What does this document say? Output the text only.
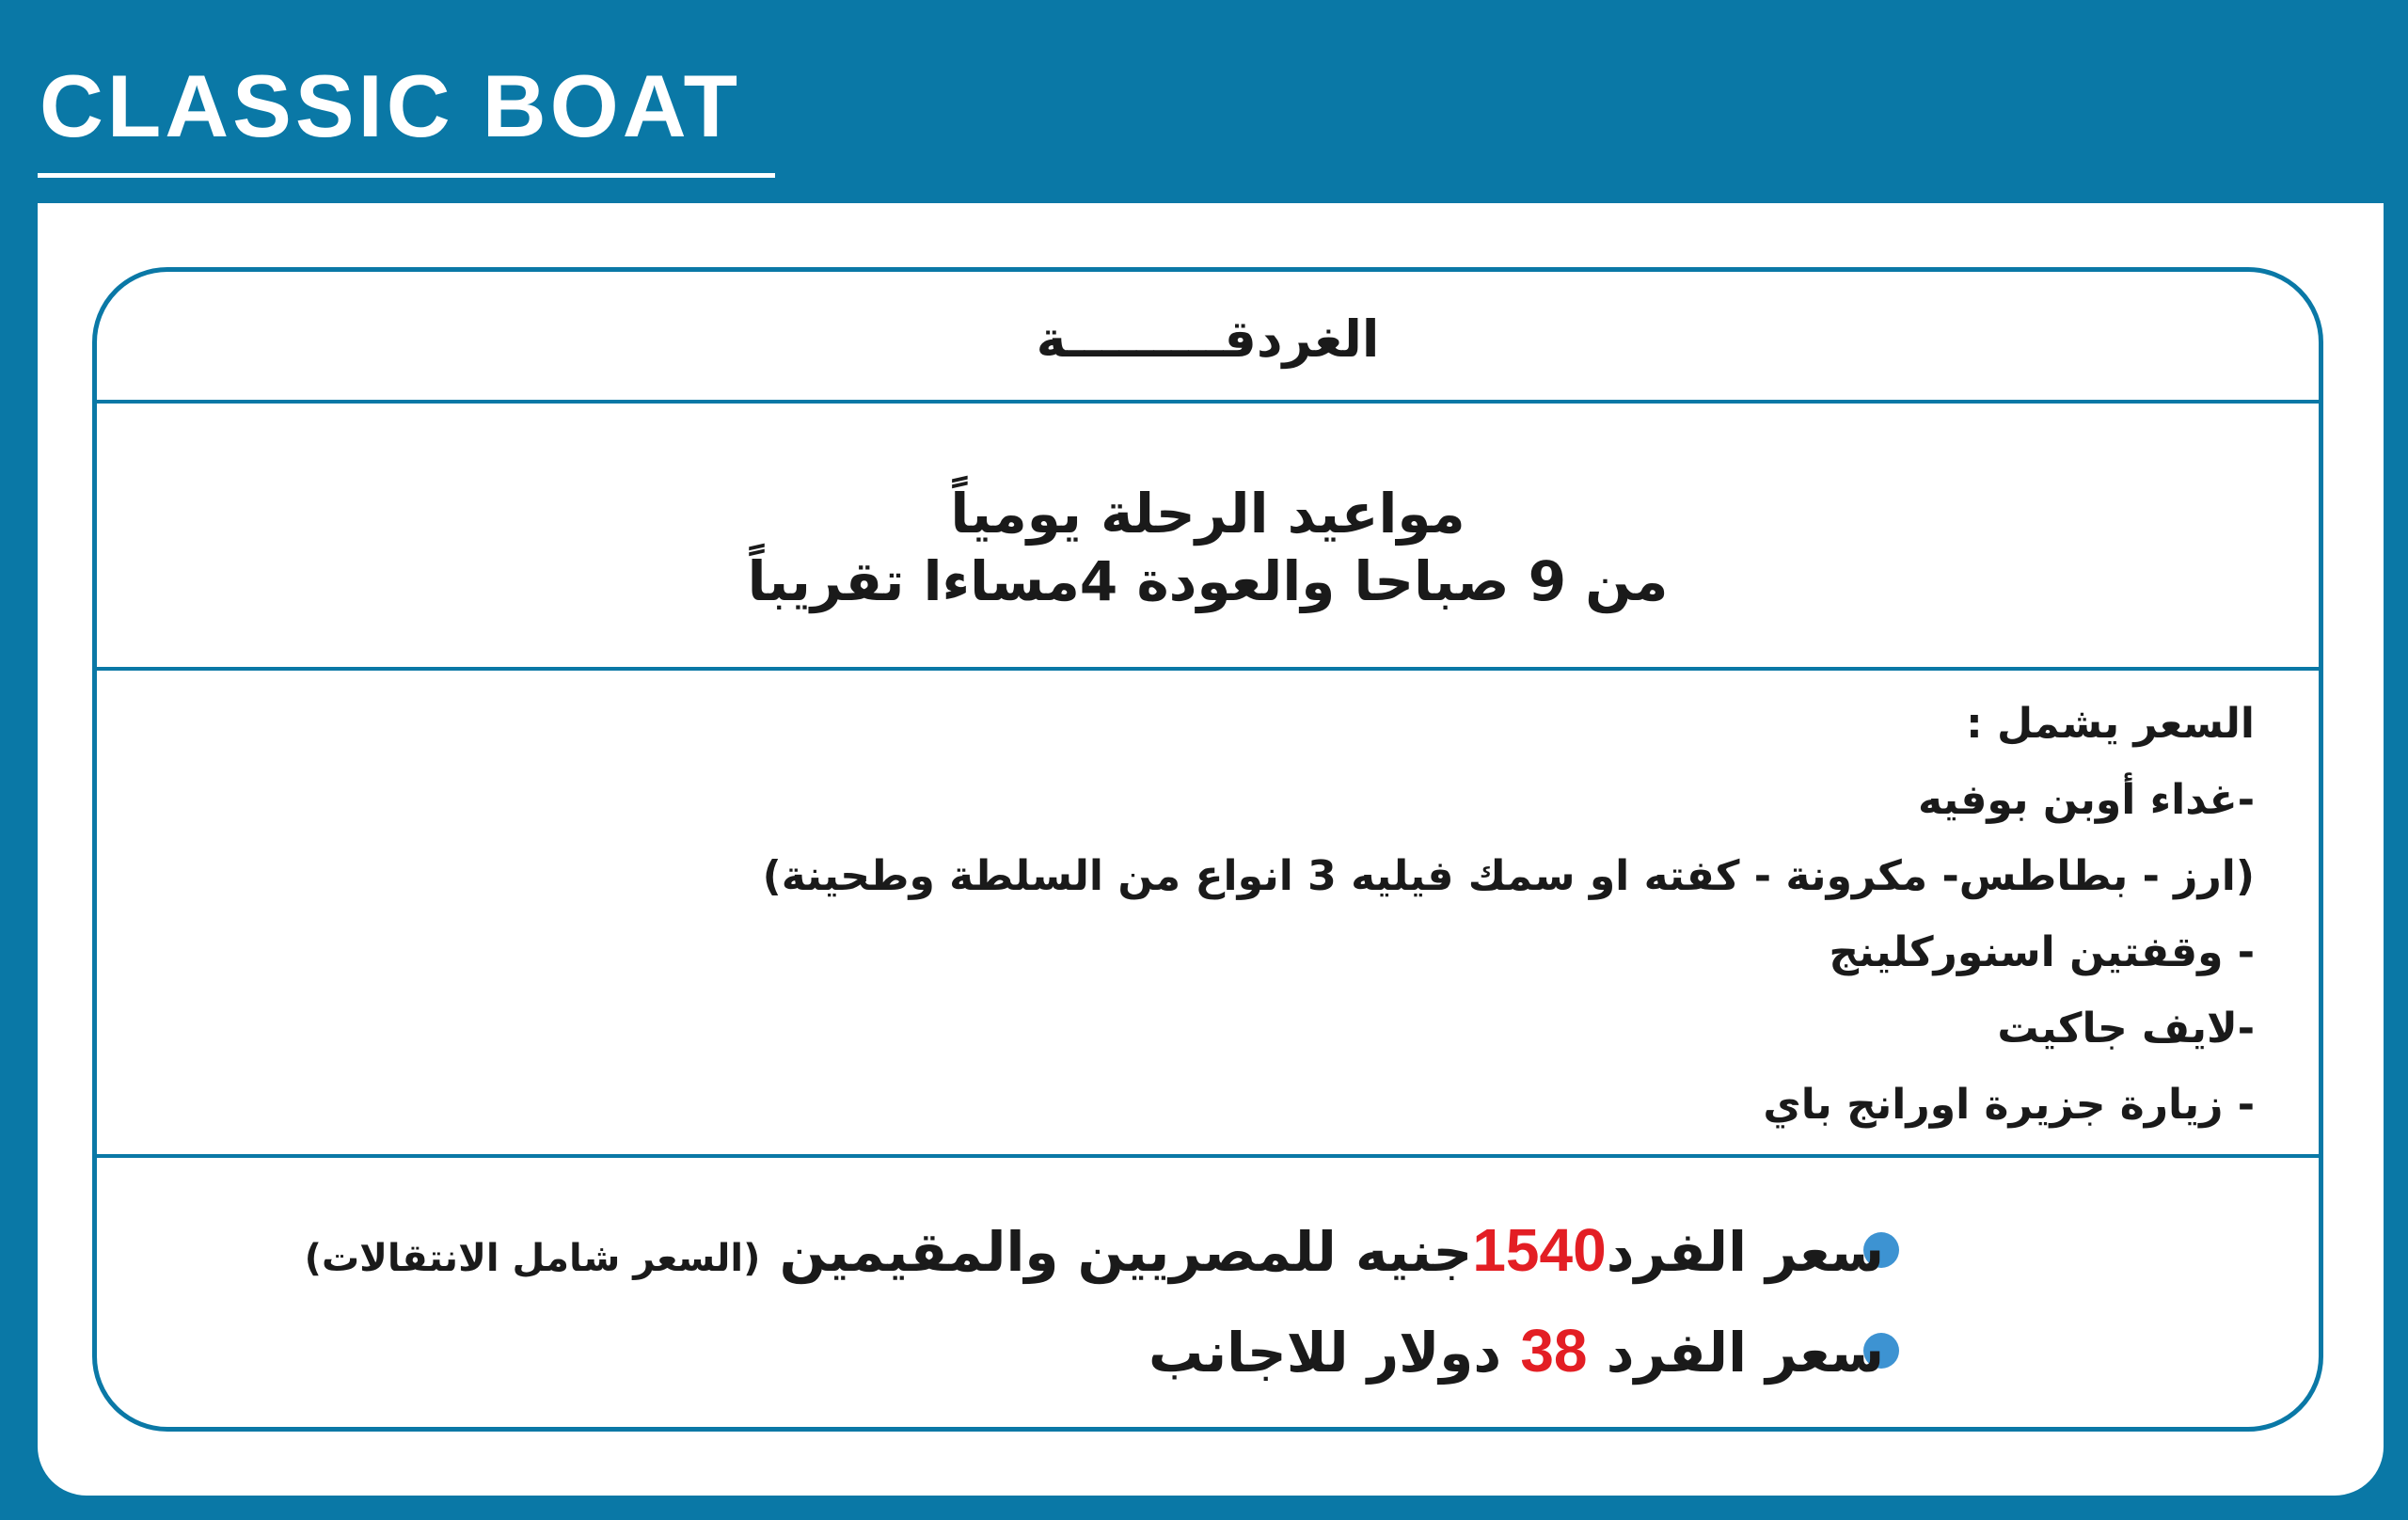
CLASSIC BOAT
الغردقـــــــــة
مواعيد الرحلة يومياً
من 9 صباحا والعودة 4مساءا تقريباً
السعر يشمل :
-غداء أوبن بوفيه
(ارز - بطاطس- مكرونة - كفته او سمك فيليه 3 انواع من السلطة وطحينة)
- وقفتين اسنوركلينج
-لايف جاكيت
- زيارة جزيرة اورانج باي
سعر الفرد1540جنيه للمصريين والمقيمين (السعر شامل الانتقالات)
سعر الفرد 38 دولار للاجانب
